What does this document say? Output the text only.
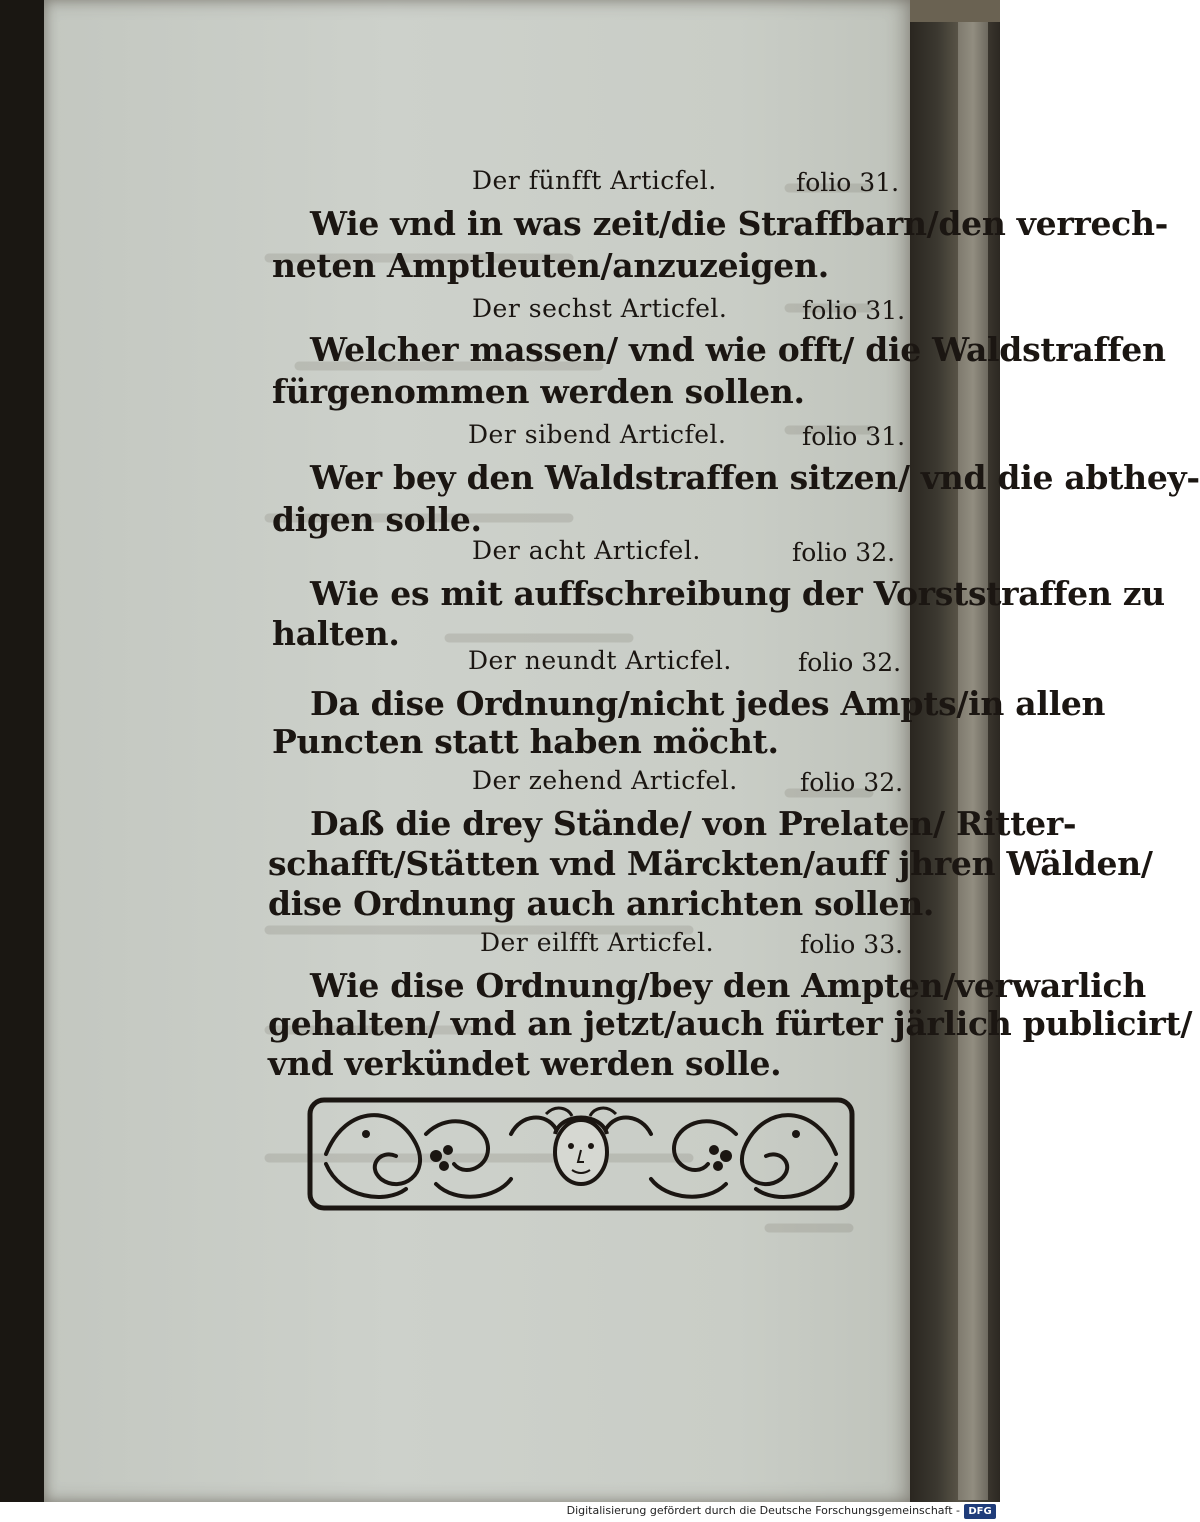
Der fünfft Articfel.	folio 31.
Wie vnd in was zeit/die Straffbarn/den verrech-
neten Amptleuten/anzuzeigen.
Der sechst Articfel.	folio 31.
Welcher massen/ vnd wie offt/ die Waldstraffen
fürgenommen werden sollen.
Der sibend Articfel.	folio 31.
Wer bey den Waldstraffen sitzen/ vnd die abthey-
digen solle.
Der acht Articfel.	folio 32.
Wie es mit auffschreibung der Vorststraffen zu
halten.
Der neundt Articfel.	folio 32.
Da dise Ordnung/nicht jedes Ampts/in allen
Puncten statt haben möcht.
Der zehend Articfel. folio 32.
Daß die drey Stände/ von Prelaten/ Ritter-
schafft/Stätten vnd Märckten/auff jhren Wälden/
dise Ordnung auch anrichten sollen.
Der eilfft Articfel.	folio 33.
Wie dise Ordnung/bey den Ampten/verwarlich
gehalten/ vnd an jetzt/auch fürter järlich publicirt/
vnd verkündet werden solle.
Digitalisierung gefördert durch die Deutsche Forschungsgemeinschaft - DFG
